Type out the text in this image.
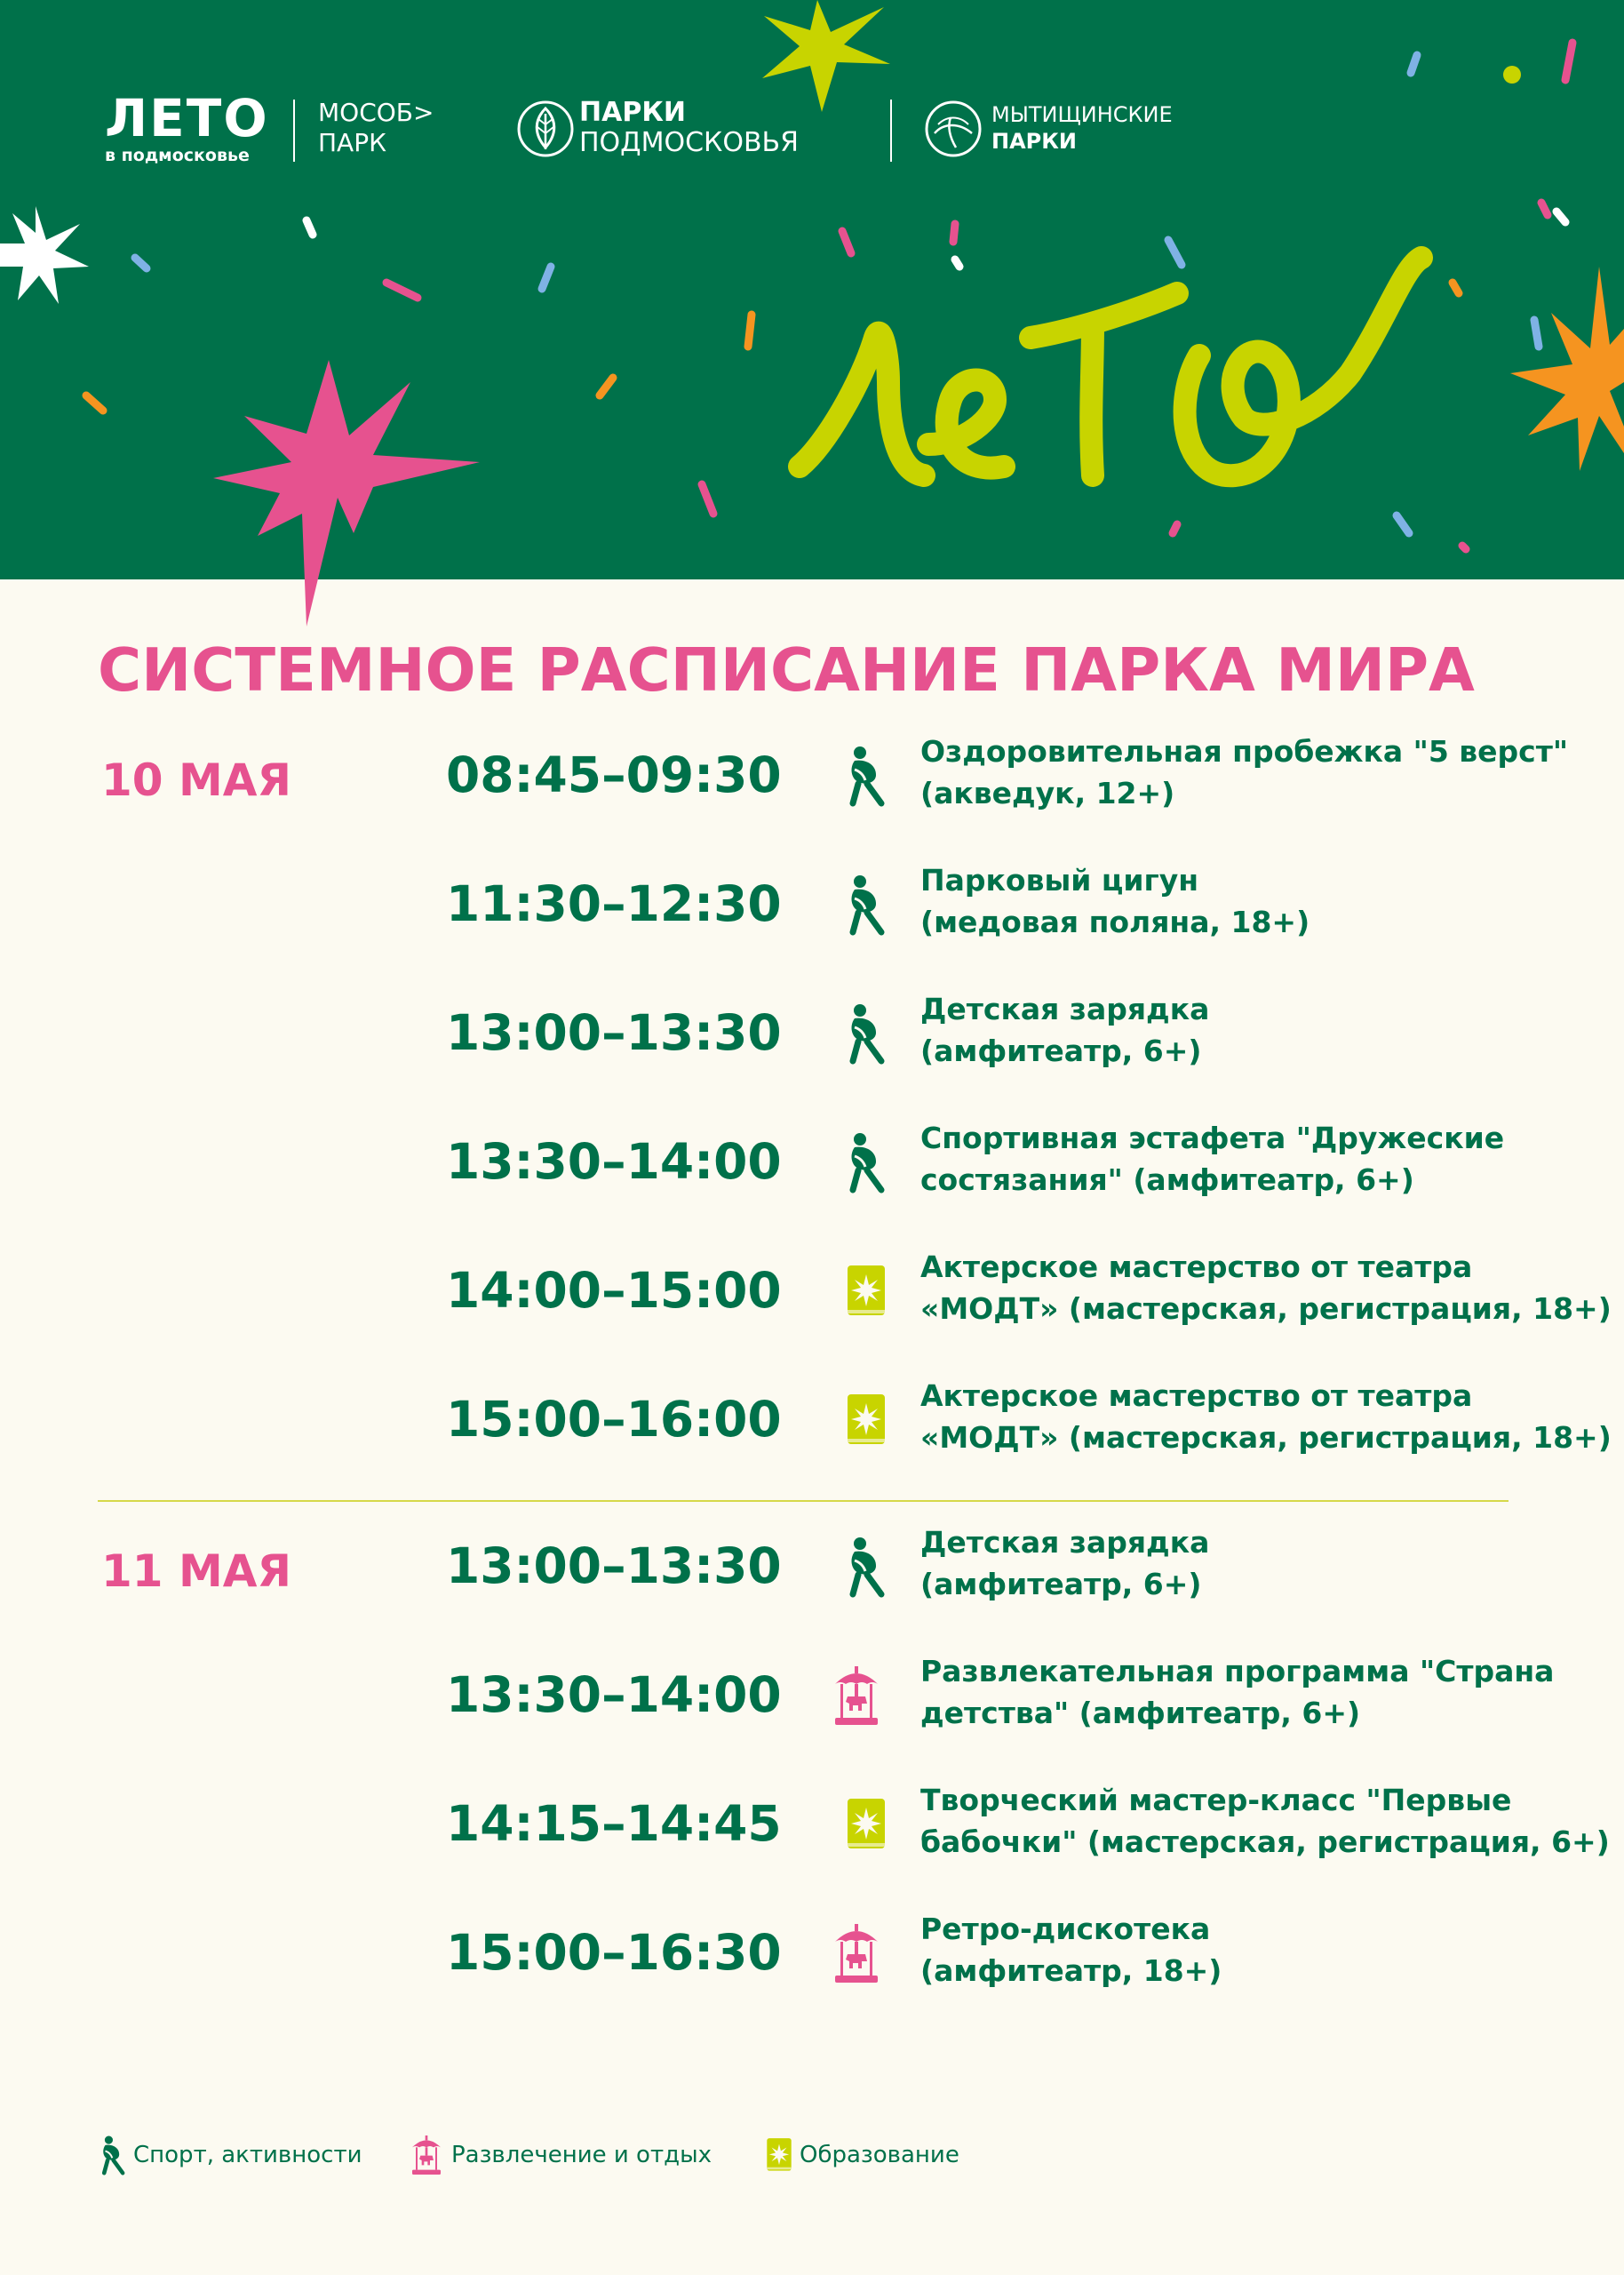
ЛЕТО
в подмосковье
МОСОБ>
ПАРК
ПАРКИ
ПОДМОСКОВЬЯ
МЫТИЩИНСКИЕ
ПАРКИ
СИСТЕМНОЕ РАСПИСАНИЕ ПАРКА МИРА
10 МАЯ	08:45–09:30	Оздоровительная пробежка "5 верст"
(акведук, 12+)
11:30–12:30	Парковый цигун
(медовая поляна, 18+)
13:00–13:30	Детская зарядка
(амфитеатр, 6+)
13:30–14:00	Спортивная эстафета "Дружеские
состязания" (амфитеатр, 6+)
14:00–15:00	Актерское мастерство от театра
«МОДТ» (мастерская, регистрация, 18+)
15:00–16:00	Актерское мастерство от театра
«МОДТ» (мастерская, регистрация, 18+)
11 МАЯ	13:00–13:30	Детская зарядка
(амфитеатр, 6+)
13:30–14:00	Развлекательная программа "Страна
детства" (амфитеатр, 6+)
14:15–14:45	Творческий мастер-класс "Первые
бабочки" (мастерская, регистрация, 6+)
15:00–16:30	Ретро-дискотека
(амфитеатр, 18+)
Спорт, активности	Развлечение и отдых	Образование
